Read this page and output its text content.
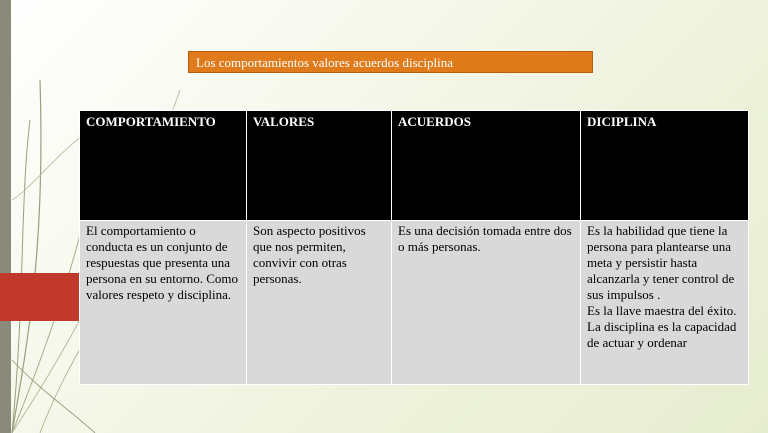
Los comportamientos valores acuerdos disciplina
COMPORTAMIENTO	VALORES	ACUERDOS	DICIPLINA
El comportamiento o conducta es un conjunto de respuestas que presenta una persona en su entorno. Como valores respeto y disciplina.	Son aspecto positivos que nos permiten, convivir con otras personas.	Es una decisión tomada entre dos o más personas.	Es la habilidad que tiene la persona para plantearse una meta y persistir hasta alcanzarla y tener control de sus impulsos .
Es la llave maestra del éxito.
La disciplina es la capacidad de actuar y ordenar
